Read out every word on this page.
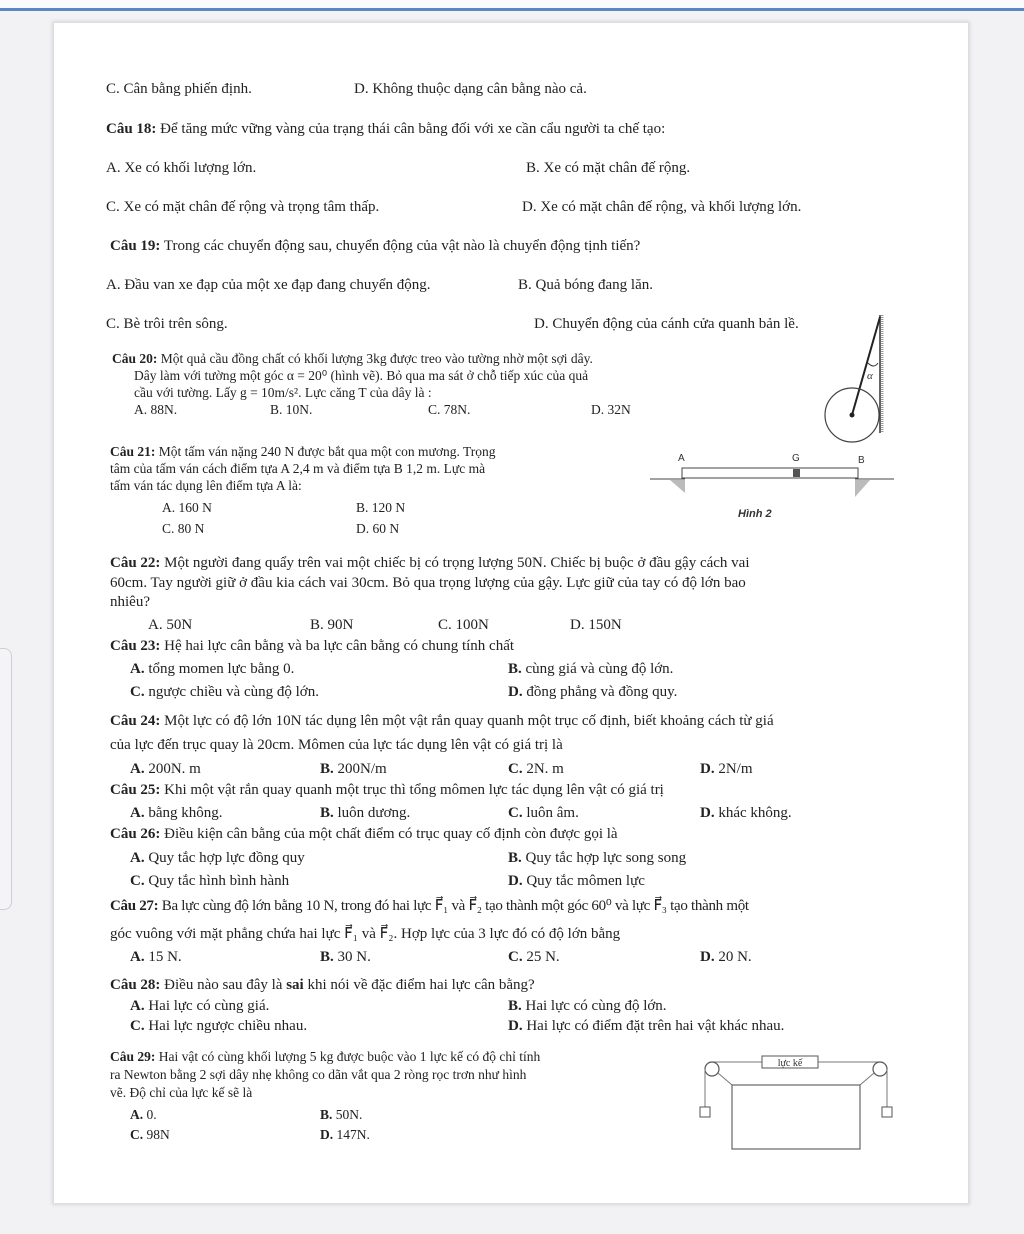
C. Cân bằng phiến định.	D. Không thuộc dạng cân bằng nào cả.
Câu 18: Để tăng mức vững vàng của trạng thái cân bằng đối với xe cần cẩu người ta chế tạo:
A. Xe có khối lượng lớn.	B. Xe có mặt chân đế rộng.
C. Xe có mặt chân đế rộng và trọng tâm thấp.	D. Xe có mặt chân đế rộng, và khối lượng lớn.
Câu 19: Trong các chuyển động sau, chuyển động của vật nào là chuyển động tịnh tiến?
A. Đầu van xe đạp của một xe đạp đang chuyển động.	B. Quả bóng đang lăn.
C. Bè trôi trên sông.	D. Chuyển động của cánh cửa quanh bản lề.
Câu 20: Một quả cầu đồng chất có khối lượng 3kg được treo vào tường nhờ một sợi dây.
Dây làm với tường một góc α = 20⁰ (hình vẽ). Bỏ qua ma sát ở chỗ tiếp xúc của quả
cầu với tường. Lấy g = 10m/s². Lực căng T của dây là :
A. 88N.	B. 10N.	C. 78N.	D. 32N
α
Câu 21: Một tấm ván nặng 240 N được bắt qua một con mương. Trọng
tâm của tấm ván cách điểm tựa A 2,4 m và điểm tựa B 1,2 m. Lực mà
tấm ván tác dụng lên điểm tựa A là:
A. 160 N	B. 120 N
C. 80 N	D. 60 N
A	G	B
Hình 2
Câu 22: Một người đang quẩy trên vai một chiếc bị có trọng lượng 50N. Chiếc bị buộc ở đầu gậy cách vai
60cm. Tay người giữ ở đầu kia cách vai 30cm. Bỏ qua trọng lượng của gậy. Lực giữ của tay có độ lớn bao
nhiêu?
A. 50N	B. 90N	C. 100N	D. 150N
Câu 23: Hệ hai lực cân bằng và ba lực cân bằng có chung tính chất
A. tổng momen lực bằng 0.	B. cùng giá và cùng độ lớn.
C. ngược chiều và cùng độ lớn.	D. đồng phẳng và đồng quy.
Câu 24: Một lực có độ lớn 10N tác dụng lên một vật rắn quay quanh một trục cố định, biết khoảng cách từ giá
của lực đến trục quay là 20cm. Mômen của lực tác dụng lên vật có giá trị là
A. 200N. m	B. 200N/m	C. 2N. m	D. 2N/m
Câu 25: Khi một vật rắn quay quanh một trục thì tổng mômen lực tác dụng lên vật có giá trị
A. bằng không.	B. luôn dương.	C. luôn âm.	D. khác không.
Câu 26: Điều kiện cân bằng của một chất điểm có trục quay cố định còn được gọi là
A. Quy tắc hợp lực đồng quy	B. Quy tắc hợp lực song song
C. Quy tắc hình bình hành	D. Quy tắc mômen lực
Câu 27: Ba lực cùng độ lớn bằng 10 N, trong đó hai lực F⃗₁ và F⃗₂ tạo thành một góc 60⁰ và lực F⃗₃ tạo thành một
góc vuông với mặt phẳng chứa hai lực F⃗₁ và F⃗₂. Hợp lực của 3 lực đó có độ lớn bằng
A. 15 N.	B. 30 N.	C. 25 N.	D. 20 N.
Câu 28: Điều nào sau đây là sai khi nói về đặc điểm hai lực cân bằng?
A. Hai lực có cùng giá.	B. Hai lực có cùng độ lớn.
C. Hai lực ngược chiều nhau.	D. Hai lực có điểm đặt trên hai vật khác nhau.
Câu 29: Hai vật có cùng khối lượng 5 kg được buộc vào 1 lực kế có độ chỉ tính
ra Newton bằng 2 sợi dây nhẹ không co dãn vắt qua 2 ròng rọc trơn như hình
vẽ. Độ chỉ của lực kế sẽ là
A. 0.	B. 50N.
C. 98N	D. 147N.
lực kế
